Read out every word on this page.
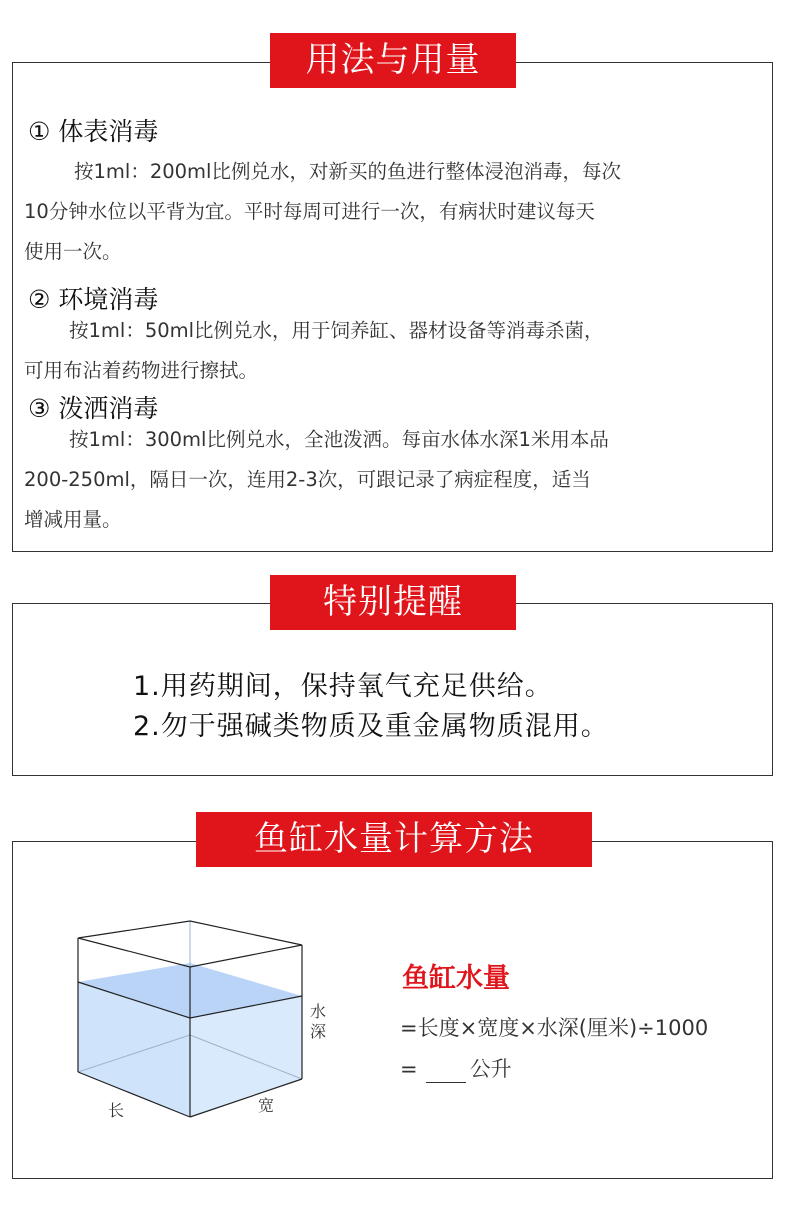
用法与用量
① 体表消毒
按1ml：200ml比例兑水，对新买的鱼进行整体浸泡消毒，每次
10分钟水位以平背为宜。平时每周可进行一次，有病状时建议每天
使用一次。
② 环境消毒
按1ml：50ml比例兑水，用于饲养缸、器材设备等消毒杀菌，
可用布沾着药物进行擦拭。
③ 泼洒消毒
按1ml：300ml比例兑水，全池泼洒。每亩水体水深1米用本品
200-250ml，隔日一次，连用2-3次，可跟记录了病症程度，适当
增减用量。
特别提醒
1.用药期间，保持氧气充足供给。
2.勿于强碱类物质及重金属物质混用。
鱼缸水量计算方法
长	宽
水深
鱼缸水量
=长度×宽度×水深(厘米)÷1000
= 公升
